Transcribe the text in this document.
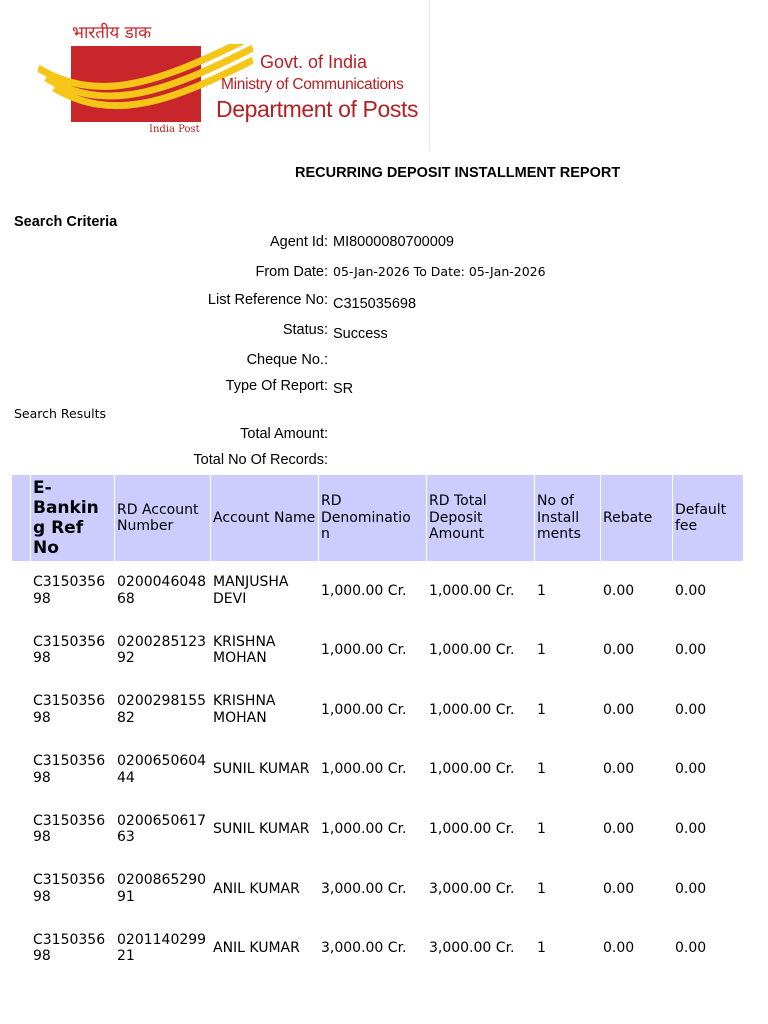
भारतीय डाक
India Post
Govt. of India
Ministry of Communications
Department of Posts
RECURRING DEPOSIT INSTALLMENT REPORT
Search Criteria
Agent Id: MI8000080700009
From Date: 05-Jan-2026 To Date: 05-Jan-2026
List Reference No: C315035698
Status: Success
Cheque No.:
Type Of Report: SR
Search Results
Total Amount:
Total No Of Records:
	E-Bankin g Ref No	RD Account Number	Account Name	RD Denominatio n	RD Total Deposit Amount	No of Install ments	Rebate	Default fee
	C3150356 98	0200046048 68	MANJUSHA DEVI	1,000.00 Cr.	1,000.00 Cr.	1	0.00	0.00
	C3150356 98	0200285123 92	KRISHNA MOHAN	1,000.00 Cr.	1,000.00 Cr.	1	0.00	0.00
	C3150356 98	0200298155 82	KRISHNA MOHAN	1,000.00 Cr.	1,000.00 Cr.	1	0.00	0.00
	C3150356 98	0200650604 44	SUNIL KUMAR	1,000.00 Cr.	1,000.00 Cr.	1	0.00	0.00
	C3150356 98	0200650617 63	SUNIL KUMAR	1,000.00 Cr.	1,000.00 Cr.	1	0.00	0.00
	C3150356 98	0200865290 91	ANIL KUMAR	3,000.00 Cr.	3,000.00 Cr.	1	0.00	0.00
	C3150356 98	0201140299 21	ANIL KUMAR	3,000.00 Cr.	3,000.00 Cr.	1	0.00	0.00
